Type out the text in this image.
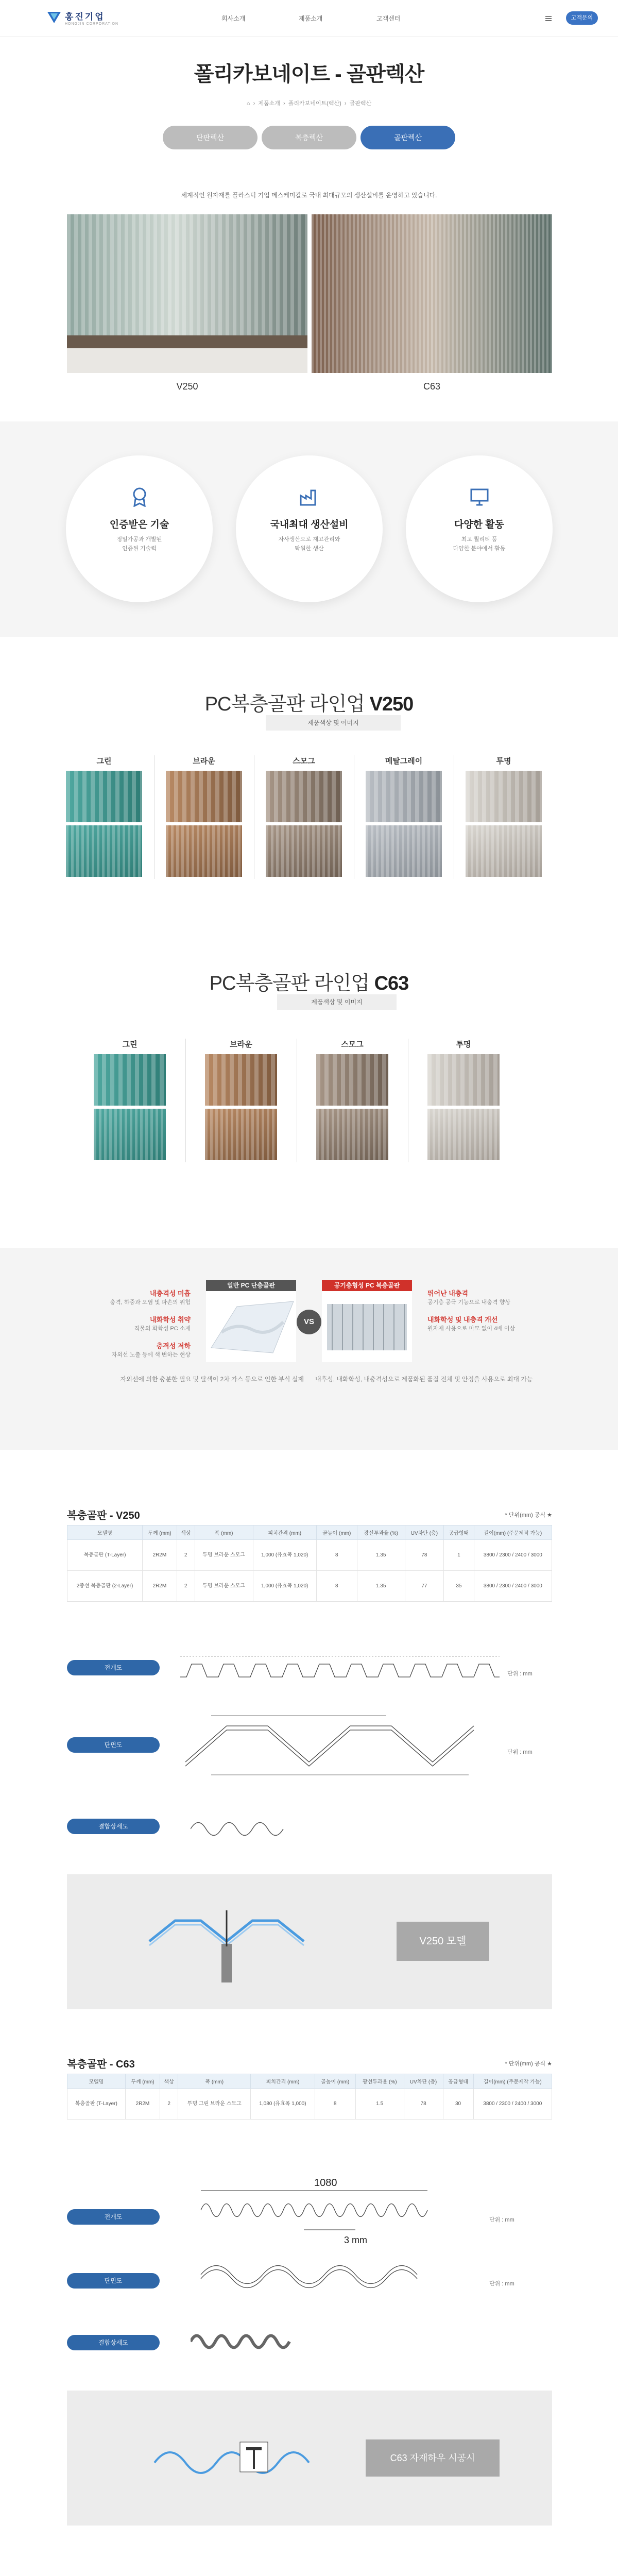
홍진기업
HONGJIN CORPORATION
회사소개	제품소개	고객센터	고객문의
폴리카보네이트 - 골판렉산
⌂  ›  제품소개  ›  폴리카보네이트(렉산)  ›  골판렉산
단판렉산	복층렉산	골판렉산
세계적인 원자재를 플라스틱 기업 메스케미칼로 국내 최대규모의 생산설비를 운영하고 있습니다.
V250	C63
인증받은 기술

정밀가공과 개발된
인증된 기술력

국내최대 생산설비

자사생산으로 재고관리와
탁월한 생산

다양한 활동

최고 퀄리티 품
다양한 분야에서 활동

PC복층골판 라인업 V250
제품색상 및 이미지
그린	브라운	스모그	메탈그레이	투명
PC복층골판 라인업 C63
제품색상 및 이미지
그린	브라운	스모그	투명
내충격성 미흡
충격, 하중과 오염 및 파손의 위험
내화학성 취약
직물의 화학성 PC 소재
충격성 저하
자외선 노출 등에 색 변하는 현상
일반 PC 단층골판
VS
공기층형성 PC 복층골판
뛰어난 내충격
공기층 공극 기능으로 내충격 향상
내화학성 및 내충격 개선
원자재 사용으로 마모 없이 4배 이상
자외선에 의한 충분한 필요 및 탈색이 2차 가스 등으로 인한 부식 실제 내후성, 내화학성, 내충격성으로 제품화된 품질 전체 및 안정을 사용으로 최대 가능
복층골판 - V250	* 단위(mm) 공식 ★
모델명	두께 (mm)	색상	폭 (mm)	피치간격 (mm)	골높이 (mm)	광선투과율 (%)	UV차단 (층)	공급형태	길이(mm) (주문제작 가능)
복층골판 (T-Layer)	2R2M	2	투명 브라운 스모그	1,000 (유효폭 1,020)	8	1.35	78	1	3800 / 2300 / 2400 / 3000
2중선 복층골판 (2-Layer)	2R2M	2	투명 브라운 스모그	1,000 (유효폭 1,020)	8	1.35	77	35	3800 / 2300 / 2400 / 3000
전개도
단위 : mm
단면도
단위 : mm
결합상세도
V250 모델
복층골판 - C63	* 단위(mm) 공식 ★
모델명	두께 (mm)	색상	폭 (mm)	피치간격 (mm)	골높이 (mm)	광선투과율 (%)	UV차단 (층)	공급형태	길이(mm) (주문제작 가능)
복층골판 (T-Layer)	2R2M	2	투명 그린 브라운 스모그	1,080 (유효폭 1,000)	8	1.5	78	30	3800 / 2300 / 2400 / 3000
1080
3 mm
전개도	단위 : mm
단면도	단위 : mm
결합상세도
C63 자재하우 시공시
